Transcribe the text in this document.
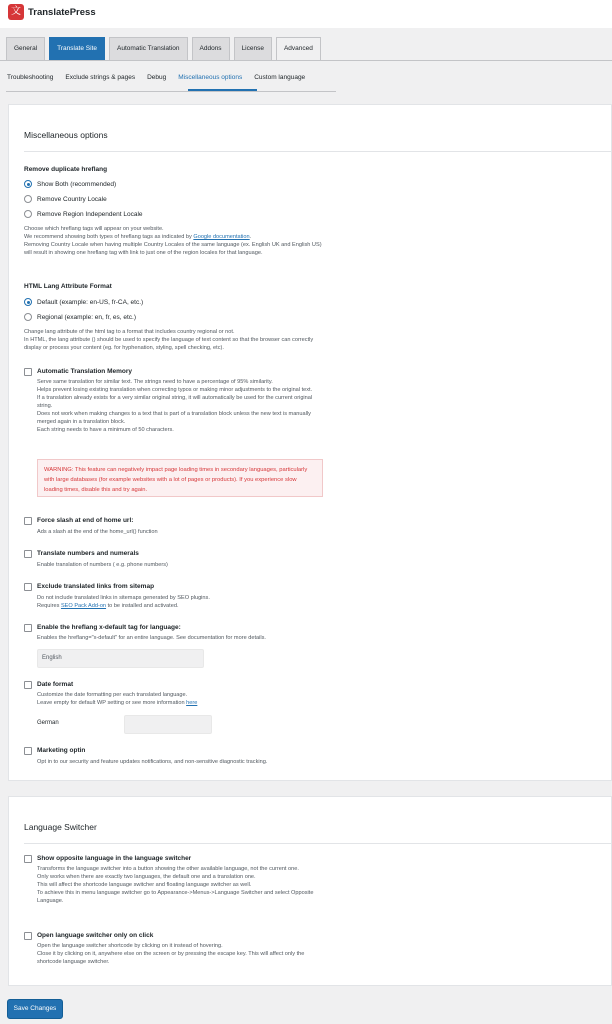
文 TranslatePress
General	Translate Site	Automatic Translation	Addons	License	Advanced
Troubleshooting Exclude strings & pages Debug Miscellaneous options Custom language
Miscellaneous options
Remove duplicate hreflang
Show Both (recommended)
Remove Country Locale
Remove Region Independent Locale
Choose which hreflang tags will appear on your website.
We recommend showing both types of hreflang tags as indicated by Google documentation.
Removing Country Locale when having multiple Country Locales of the same language (ex. English UK and English US) will result in showing one hreflang tag with link to just one of the region locales for that language.
HTML Lang Attribute Format
Default (example: en-US, fr-CA, etc.)
Regional (example: en, fr, es, etc.)
Change lang attribute of the html tag to a format that includes country regional or not.
In HTML, the lang attribute () should be used to specify the language of text content so that the browser can correctly display or process your content (eg. for hyphenation, styling, spell checking, etc).
Automatic Translation Memory
Serve same translation for similar text. The strings need to have a percentage of 95% similarity.
Helps prevent losing existing translation when correcting typos or making minor adjustments to the original text.
If a translation already exists for a very similar original string, it will automatically be used for the current original string.
Does not work when making changes to a text that is part of a translation block unless the new text is manually merged again in a translation block.
Each string needs to have a minimum of 50 characters.
WARNING: This feature can negatively impact page loading times in secondary languages, particularly with large databases (for example websites with a lot of pages or products). If you experience slow loading times, disable this and try again.
Force slash at end of home url:
Ads a slash at the end of the home_url() function
Translate numbers and numerals
Enable translation of numbers ( e.g. phone numbers)
Exclude translated links from sitemap
Do not include translated links in sitemaps generated by SEO plugins.
Requires SEO Pack Add-on to be installed and activated.
Enable the hreflang x-default tag for language:
Enables the hreflang="x-default" for an entire language. See documentation for more details.
English
Date format
Customize the date formatting per each translated language.
Leave empty for default WP setting or see more information here
German
Marketing optin
Opt in to our security and feature updates notifications, and non-sensitive diagnostic tracking.
Language Switcher
Show opposite language in the language switcher
Transforms the language switcher into a button showing the other available language, not the current one.
Only works when there are exactly two languages, the default one and a translation one.
This will affect the shortcode language switcher and floating language switcher as well.
To achieve this in menu language switcher go to Appearance->Menus->Language Switcher and select Opposite Language.
Open language switcher only on click
Open the language switcher shortcode by clicking on it instead of hovering.
Close it by clicking on it, anywhere else on the screen or by pressing the escape key. This will affect only the shortcode language switcher.
Save Changes
